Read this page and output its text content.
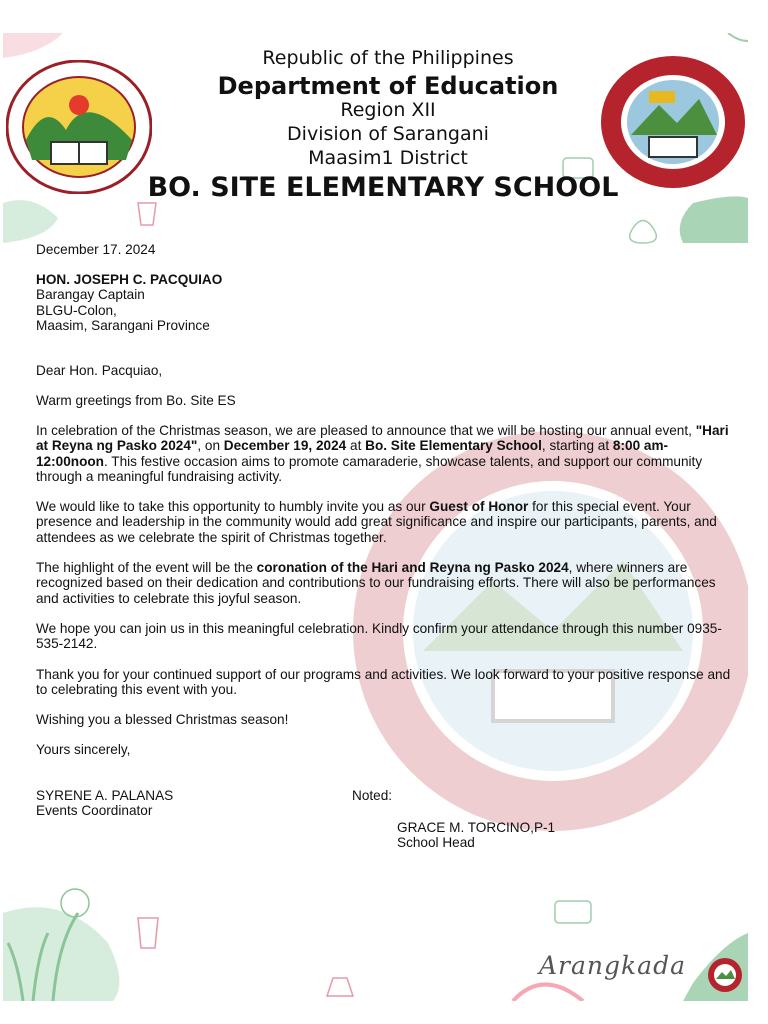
Republic of the Philippines
Department of Education
Region XII
Division of Sarangani
Maasim1 District
BO. SITE ELEMENTARY SCHOOL

December 17. 2024

HON. JOSEPH C. PACQUIAO

Barangay Captain

BLGU-Colon,

Maasim, Sarangani Province

Dear Hon. Pacquiao,

Warm greetings from Bo. Site ES

In celebration of the Christmas season, we are pleased to announce that we will be hosting our annual event, "Hari at Reyna ng Pasko 2024", on December 19, 2024 at Bo. Site Elementary School, starting at 8:00 am-12:00noon. This festive occasion aims to promote camaraderie, showcase talents, and support our community through a meaningful fundraising activity.

We would like to take this opportunity to humbly invite you as our Guest of Honor for this special event. Your presence and leadership in the community would add great significance and inspire our participants, parents, and attendees as we celebrate the spirit of Christmas together.

The highlight of the event will be the coronation of the Hari and Reyna ng Pasko 2024, where winners are recognized based on their dedication and contributions to our fundraising efforts. There will also be performances and activities to celebrate this joyful season.

We hope you can join us in this meaningful celebration. Kindly confirm your attendance through this number 0935-535-2142.

Thank you for your continued support of our programs and activities. We look forward to your positive response and to celebrating this event with you.

Wishing you a blessed Christmas season!

Yours sincerely,

SYRENE A. PALANAS

Events Coordinator

Noted:

GRACE M. TORCINO,P-1

School Head

Arangkada
